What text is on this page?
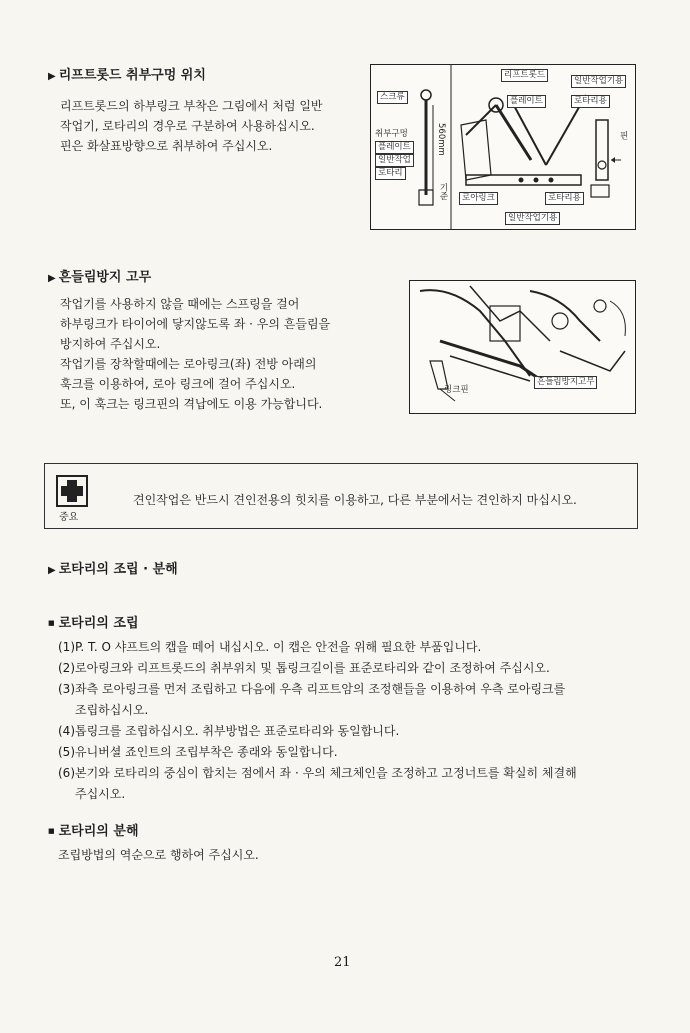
▶ 리프트롯드 취부구멍 위치
리프트롯드의 하부링크 부착은 그림에서 처럼 일반
작업기, 로타리의 경우로 구분하여 사용하십시오.
핀은 화살표방향으로 취부하여 주십시오.
스크류
취부구멍
플레이트
일반작업
로타리
560mm
기준
리프트롯드
일반작업기용
플레이트	로타리용
핀
로아링크	로타리용
일반작업기용
▶ 흔들림방지 고무
작업기를 사용하지 않을 때에는 스프링을 걸어
하부링크가 타이어에 닿지않도록 좌 · 우의 흔들림을
방지하여 주십시오.
작업기를 장착할때에는 로아링크(좌) 전방 아래의
훅크를 이용하여, 로아 링크에 걸어 주십시오.
또, 이 훅크는 링크핀의 격납에도 이용 가능합니다.
링크핀
흔들림방지고무
중요
견인작업은 반드시 견인전용의 힛치를 이용하고, 다른 부분에서는 견인하지 마십시오.
▶ 로타리의 조립 · 분해
■ 로타리의 조립
(1)P. T. O 샤프트의 캡을 떼어 내십시오. 이 캡은 안전을 위해 필요한 부품입니다.
(2)로아링크와 리프트롯드의 취부위치 및 톱링크길이를 표준로타리와 같이 조정하여 주십시오.
(3)좌측 로아링크를 먼저 조립하고 다음에 우측 리프트암의 조정핸들을 이용하여 우측 로아링크를
조립하십시오.
(4)톱링크를 조립하십시오. 취부방법은 표준로타리와 동일합니다.
(5)유니버셜 죠인트의 조립부착은 종래와 동일합니다.
(6)본기와 로타리의 중심이 합치는 점에서 좌 · 우의 체크체인을 조정하고 고정너트를 확실히 체결해
주십시오.
■ 로타리의 분해
조립방법의 역순으로 행하여 주십시오.
21
